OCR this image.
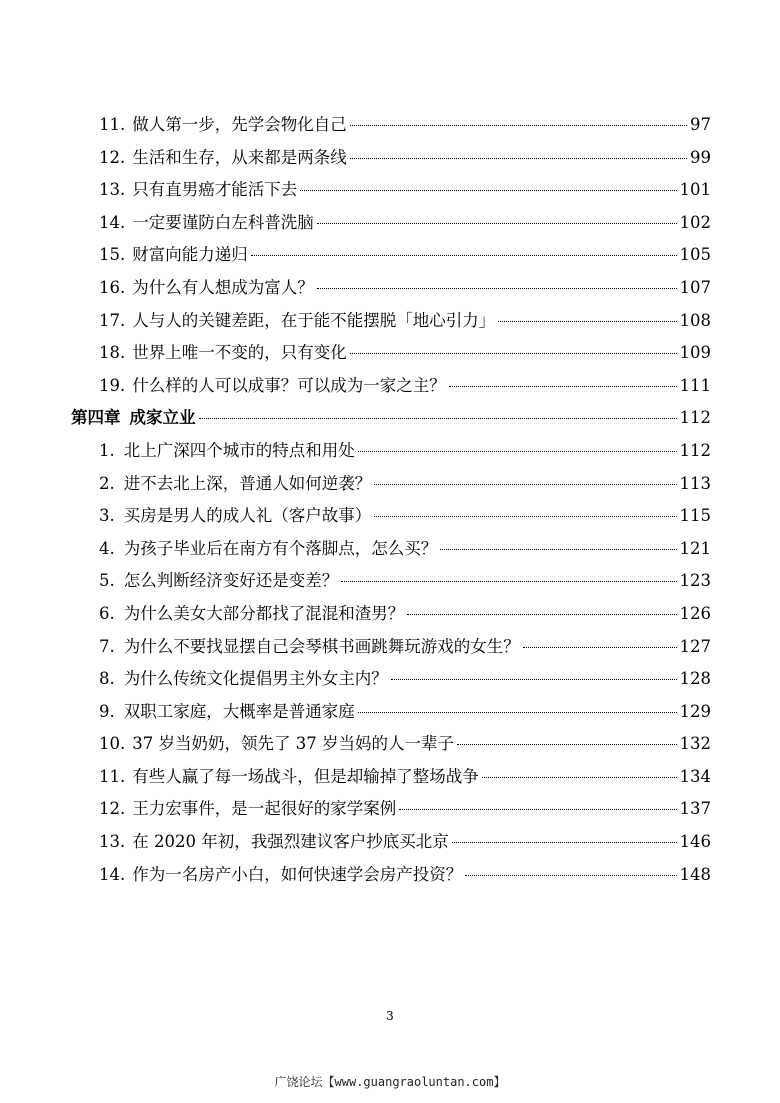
11. 做人第一步，先学会物化自己	97
12. 生活和生存，从来都是两条线	99
13. 只有直男癌才能活下去	101
14. 一定要谨防白左科普洗脑	102
15. 财富向能力递归	105
16. 为什么有人想成为富人？	107
17. 人与人的关键差距，在于能不能摆脱「地心引力」	108
18. 世界上唯一不变的，只有变化	109
19. 什么样的人可以成事？可以成为一家之主？	111
第四章 成家立业	112
1. 北上广深四个城市的特点和用处	112
2. 进不去北上深，普通人如何逆袭？	113
3. 买房是男人的成人礼（客户故事）	115
4. 为孩子毕业后在南方有个落脚点，怎么买？	121
5. 怎么判断经济变好还是变差？	123
6. 为什么美女大部分都找了混混和渣男？	126
7. 为什么不要找显摆自己会琴棋书画跳舞玩游戏的女生？	127
8. 为什么传统文化提倡男主外女主内？	128
9. 双职工家庭，大概率是普通家庭	129
10. 37 岁当奶奶，领先了 37 岁当妈的人一辈子	132
11. 有些人赢了每一场战斗，但是却输掉了整场战争	134
12. 王力宏事件，是一起很好的家学案例	137
13. 在 2020 年初，我强烈建议客户抄底买北京	146
14. 作为一名房产小白，如何快速学会房产投资？	148
3
广饶论坛【www.guangraoluntan.com】
